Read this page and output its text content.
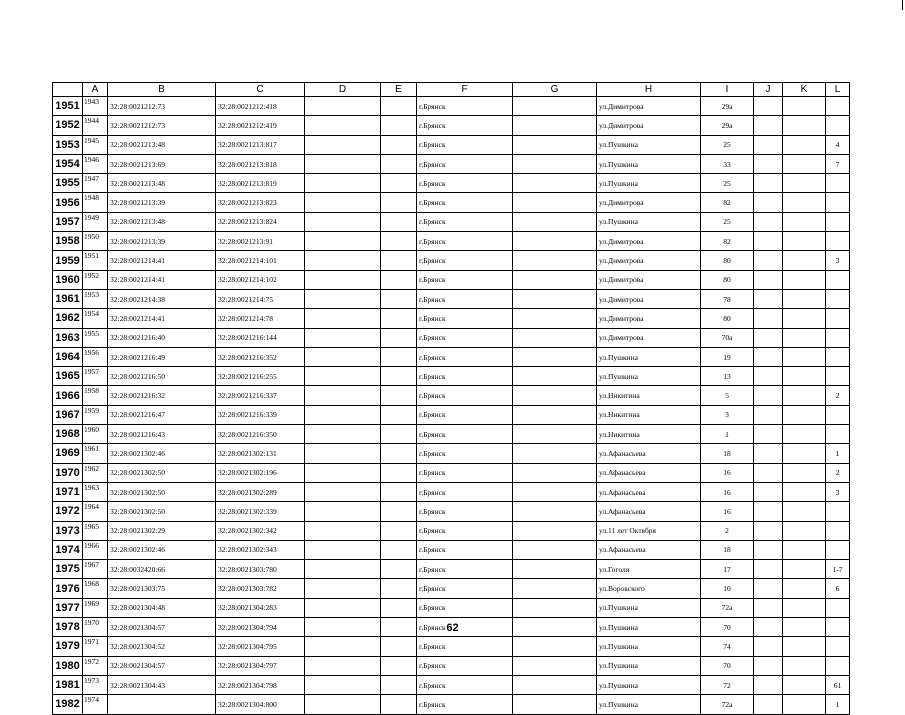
	A	B	C	D	E	F	G	H	I	J	K	L
1951	1943	32:28:0021212:73	32:28:0021212:418			г.Брянск		ул.Димитрова	29а			
1952	1944	32:28:0021212:73	32:28:0021212:419			г.Брянск		ул.Димитрова	29а			
1953	1945	32:28:0021213:48	32:28:0021213:817			г.Брянск		ул.Пушкина	25			4
1954	1946	32:28:0021213:69	32:28:0021213:818			г.Брянск		ул.Пушкина	33			7
1955	1947	32:28:0021213:48	32:28:0021213:819			г.Брянск		ул.Пушкина	25			
1956	1948	32:28:0021213:39	32:28:0021213:823			г.Брянск		ул.Димитрова	82			
1957	1949	32:28:0021213:48	32:28:0021213:824			г.Брянск		ул.Пушкина	25			
1958	1950	32:28:0021213:39	32:28:0021213:91			г.Брянск		ул.Димитрова	82			
1959	1951	32:28:0021214:41	32:28:0021214:101			г.Брянск		ул.Димитрова	80			3
1960	1952	32:28:0021214:41	32:28:0021214:102			г.Брянск		ул.Димитрова	80			
1961	1953	32:28:0021214:38	32:28:0021214:75			г.Брянск		ул.Димитрова	78			
1962	1954	32:28:0021214:41	32:28:0021214:78			г.Брянск		ул.Димитрова	80			
1963	1955	32:28:0021216:40	32:28:0021216:144			г.Брянск		ул.Димитрова	70а			
1964	1956	32:28:0021216:49	32:28:0021216:352			г.Брянск		ул.Пушкина	19			
1965	1957	32:28:0021216:50	32:28:0021216:255			г.Брянск		ул.Пушкина	13			
1966	1958	32:28:0021216:32	32:28:0021216:337			г.Брянск		ул.Никитина	5			2
1967	1959	32:28:0021216:47	32:28:0021216:339			г.Брянск		ул.Никитина	3			
1968	1960	32:28:0021216:43	32:28:0021216:350			г.Брянск		ул.Никитина	1			
1969	1961	32:28:0021302:46	32:28:0021302:131			г.Брянск		ул.Афанасьева	18			1
1970	1962	32:28:0021302:50	32:28:0021302:196			г.Брянск		ул.Афанасьева	16			2
1971	1963	32:28:0021302:50	32:28:0021302:289			г.Брянск		ул.Афанасьева	16			3
1972	1964	32:28:0021302:50	32:28:0021302:339			г.Брянск		ул.Афанасьева	16			
1973	1965	32:28:0021302:29	32:28:0021302:342			г.Брянск		ул.11 лет Октября	2			
1974	1966	32:28:0021302:46	32:28:0021302:343			г.Брянск		ул.Афанасьева	18			
1975	1967	32:28:0032420:66	32:28:0021303:780			г.Брянск		ул.Гоголя	17			1-7
1976	1968	32:28:0021303:75	32:28:0021303:782			г.Брянск		ул.Воровского	10			6
1977	1969	32:28:0021304:48	32:28:0021304:283			г.Брянск		ул.Пушкина	72а			
1978	1970	32:28:0021304:57	32:28:0021304:794			г.Брянск		ул.Пушкина	70			
1979	1971	32:28:0021304:52	32:28:0021304:795			г.Брянск		ул.Пушкина	74			
1980	1972	32:28:0021304:57	32:28:0021304:797			г.Брянск		ул.Пушкина	70			
1981	1973	32:28:0021304:43	32:28:0021304:798			г.Брянск		ул.Пушкина	72			61
1982	1974		32:28:0021304:800			г.Брянск		ул.Пушкина	72а			1
62
